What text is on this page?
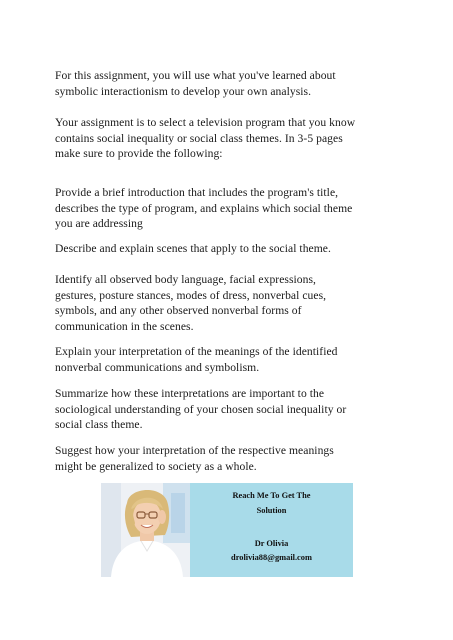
For this assignment, you will use what you've learned about
symbolic interactionism to develop your own analysis.

Your assignment is to select a television program that you know
contains social inequality or social class themes. In 3-5 pages
make sure to provide the following:

Provide a brief introduction that includes the program's title,
describes the type of program, and explains which social theme
you are addressing

Describe and explain scenes that apply to the social theme.

Identify all observed body language, facial expressions,
gestures, posture stances, modes of dress, nonverbal cues,
symbols, and any other observed nonverbal forms of
communication in the scenes.

Explain your interpretation of the meanings of the identified
nonverbal communications and symbolism.

Summarize how these interpretations are important to the
sociological understanding of your chosen social inequality or
social class theme.

Suggest how your interpretation of the respective meanings
might be generalized to society as a whole.

Reach Me To Get The
Solution
Dr Olivia
drolivia88@gmail.com
